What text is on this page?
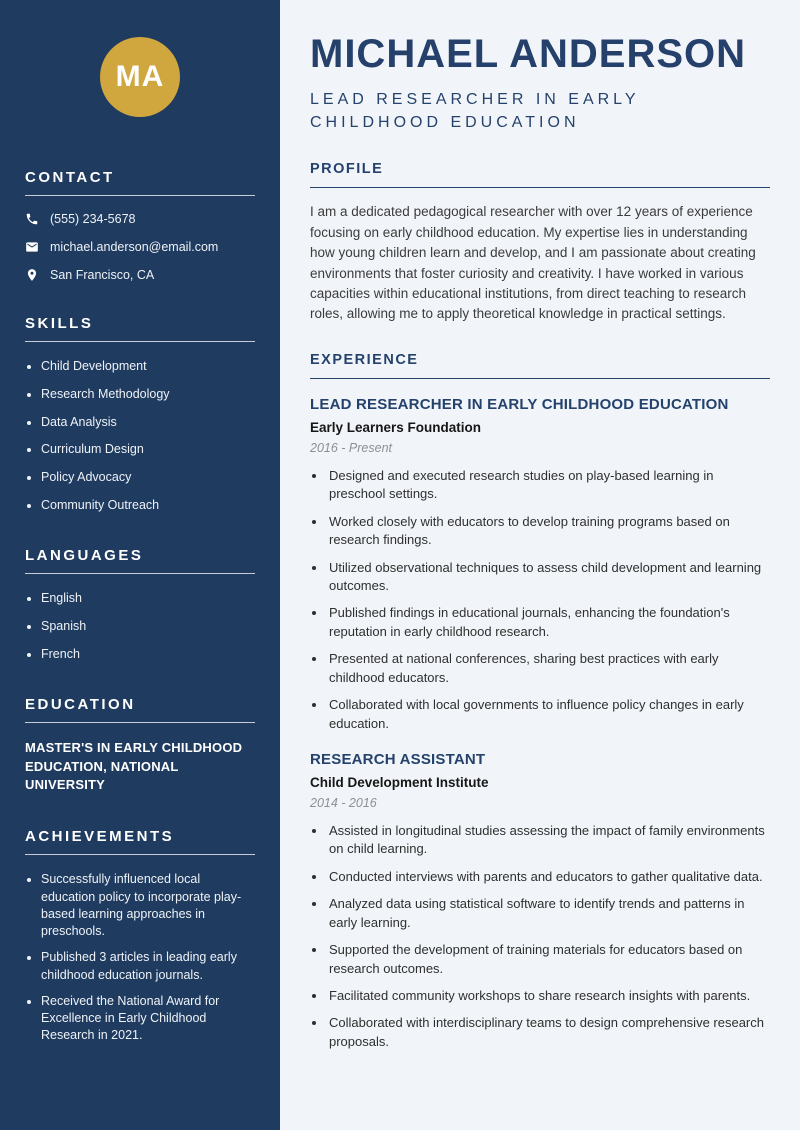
MA
CONTACT
(555) 234-5678
michael.anderson@email.com
San Francisco, CA
SKILLS
• Child Development
• Research Methodology
• Data Analysis
• Curriculum Design
• Policy Advocacy
• Community Outreach
LANGUAGES
• English
• Spanish
• French
EDUCATION
MASTER'S IN EARLY CHILDHOOD EDUCATION, NATIONAL UNIVERSITY
ACHIEVEMENTS
• Successfully influenced local education policy to incorporate play-based learning approaches in preschools.
• Published 3 articles in leading early childhood education journals.
• Received the National Award for Excellence in Early Childhood Research in 2021.
MICHAEL ANDERSON
LEAD RESEARCHER IN EARLY CHILDHOOD EDUCATION
PROFILE

I am a dedicated pedagogical researcher with over 12 years of experience focusing on early childhood education. My expertise lies in understanding how young children learn and develop, and I am passionate about creating environments that foster curiosity and creativity. I have worked in various capacities within educational institutions, from direct teaching to research roles, allowing me to apply theoretical knowledge in practical settings.

EXPERIENCE
LEAD RESEARCHER IN EARLY CHILDHOOD EDUCATION
Early Learners Foundation
2016 - Present
• Designed and executed research studies on play-based learning in preschool settings.
• Worked closely with educators to develop training programs based on research findings.
• Utilized observational techniques to assess child development and learning outcomes.
• Published findings in educational journals, enhancing the foundation's reputation in early childhood research.
• Presented at national conferences, sharing best practices with early childhood educators.
• Collaborated with local governments to influence policy changes in early education.
RESEARCH ASSISTANT
Child Development Institute
2014 - 2016
• Assisted in longitudinal studies assessing the impact of family environments on child learning.
• Conducted interviews with parents and educators to gather qualitative data.
• Analyzed data using statistical software to identify trends and patterns in early learning.
• Supported the development of training materials for educators based on research outcomes.
• Facilitated community workshops to share research insights with parents.
• Collaborated with interdisciplinary teams to design comprehensive research proposals.
